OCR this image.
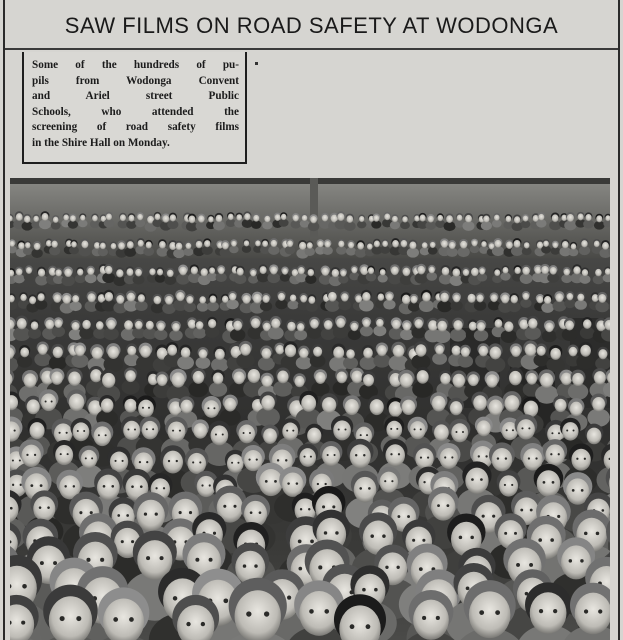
SAW FILMS ON ROAD SAFETY AT WODONGA
Some of the hundreds of pu-
pils from Wodonga Convent
and Ariel street Public
Schools, who attended the
screening of road safety films
in the Shire Hall on Monday.
